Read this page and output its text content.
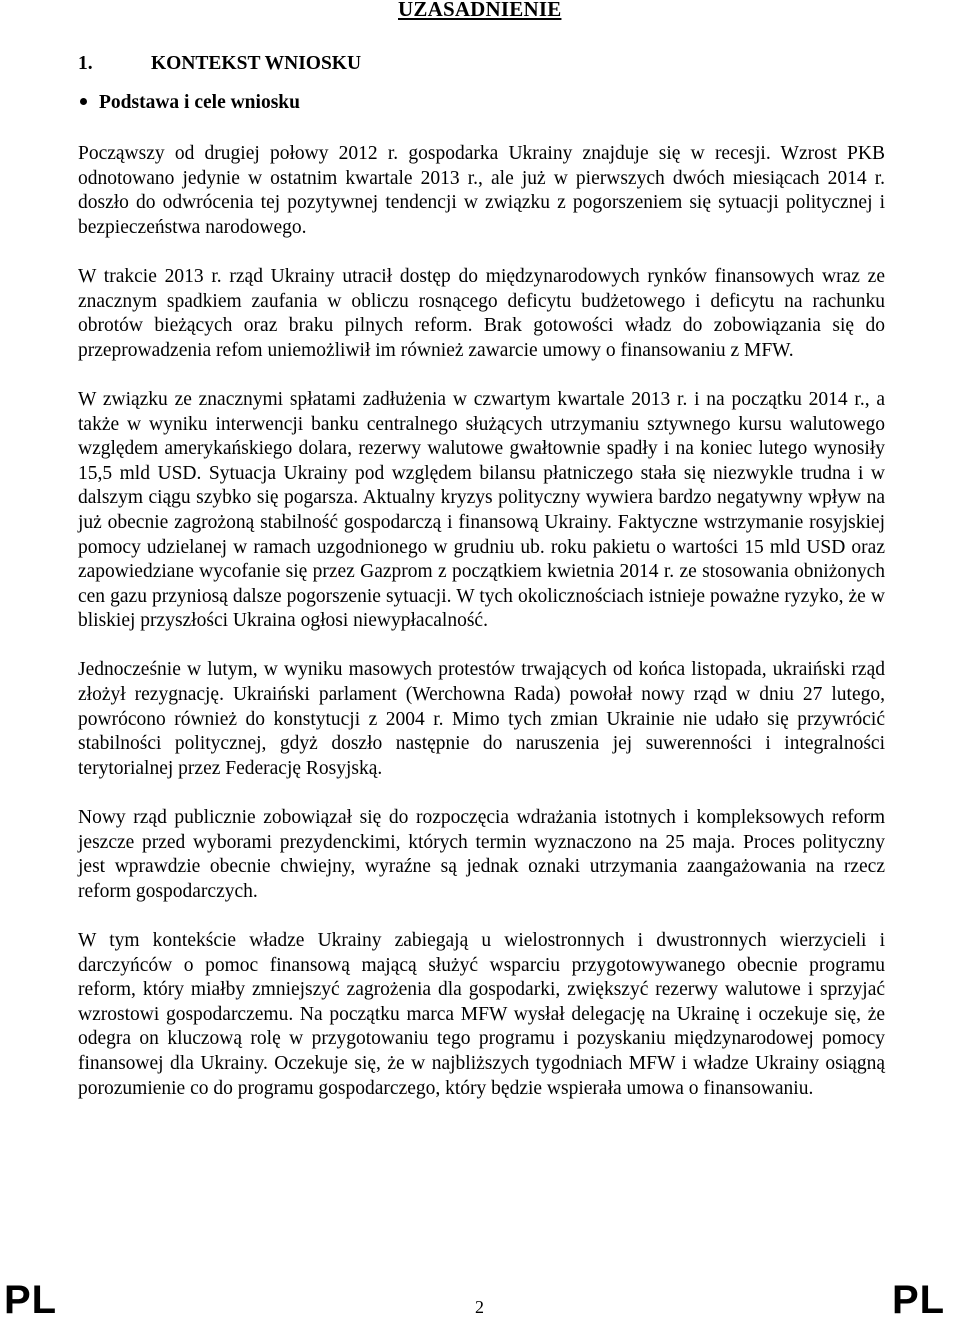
UZASADNIENIE
1.	KONTEKST WNIOSKU
Podstawa i cele wniosku

Począwszy od drugiej połowy 2012 r. gospodarka Ukrainy znajduje się w recesji. Wzrost PKB odnotowano jedynie w ostatnim kwartale 2013 r., ale już w pierwszych dwóch miesiącach 2014 r. doszło do odwrócenia tej pozytywnej tendencji w związku z pogorszeniem się sytuacji politycznej i bezpieczeństwa narodowego.

W trakcie 2013 r. rząd Ukrainy utracił dostęp do międzynarodowych rynków finansowych wraz ze znacznym spadkiem zaufania w obliczu rosnącego deficytu budżetowego i deficytu na rachunku obrotów bieżących oraz braku pilnych reform. Brak gotowości władz do zobowiązania się do przeprowadzenia refom uniemożliwił im również zawarcie umowy o finansowaniu z MFW.

W związku ze znacznymi spłatami zadłużenia w czwartym kwartale 2013 r. i na początku 2014 r., a także w wyniku interwencji banku centralnego służących utrzymaniu sztywnego kursu walutowego względem amerykańskiego dolara, rezerwy walutowe gwałtownie spadły i na koniec lutego wynosiły 15,5 mld USD. Sytuacja Ukrainy pod względem bilansu płatniczego stała się niezwykle trudna i w dalszym ciągu szybko się pogarsza. Aktualny kryzys polityczny wywiera bardzo negatywny wpływ na już obecnie zagrożoną stabilność gospodarczą i finansową Ukrainy. Faktyczne wstrzymanie rosyjskiej pomocy udzielanej w ramach uzgodnionego w grudniu ub. roku pakietu o wartości 15 mld USD oraz zapowiedziane wycofanie się przez Gazprom z początkiem kwietnia 2014 r. ze stosowania obniżonych cen gazu przyniosą dalsze pogorszenie sytuacji. W tych okolicznościach istnieje poważne ryzyko, że w bliskiej przyszłości Ukraina ogłosi niewypłacalność.

Jednocześnie w lutym, w wyniku masowych protestów trwających od końca listopada, ukraiński rząd złożył rezygnację. Ukraiński parlament (Werchowna Rada) powołał nowy rząd w dniu 27 lutego, powrócono również do konstytucji z 2004 r. Mimo tych zmian Ukrainie nie udało się przywrócić stabilności politycznej, gdyż doszło następnie do naruszenia jej suwerenności i integralności terytorialnej przez Federację Rosyjską.

Nowy rząd publicznie zobowiązał się do rozpoczęcia wdrażania istotnych i kompleksowych reform jeszcze przed wyborami prezydenckimi, których termin wyznaczono na 25 maja. Proces polityczny jest wprawdzie obecnie chwiejny, wyraźne są jednak oznaki utrzymania zaangażowania na rzecz reform gospodarczych.

W tym kontekście władze Ukrainy zabiegają u wielostronnych i dwustronnych wierzycieli i darczyńców o pomoc finansową mającą służyć wsparciu przygotowywanego obecnie programu reform, który miałby zmniejszyć zagrożenia dla gospodarki, zwiększyć rezerwy walutowe i sprzyjać wzrostowi gospodarczemu. Na początku marca MFW wysłał delegację na Ukrainę i oczekuje się, że odegra on kluczową rolę w przygotowaniu tego programu i pozyskaniu międzynarodowej pomocy finansowej dla Ukrainy. Oczekuje się, że w najbliższych tygodniach MFW i władze Ukrainy osiągną porozumienie co do programu gospodarczego, który będzie wspierała umowa o finansowaniu.

PL	2	PL
